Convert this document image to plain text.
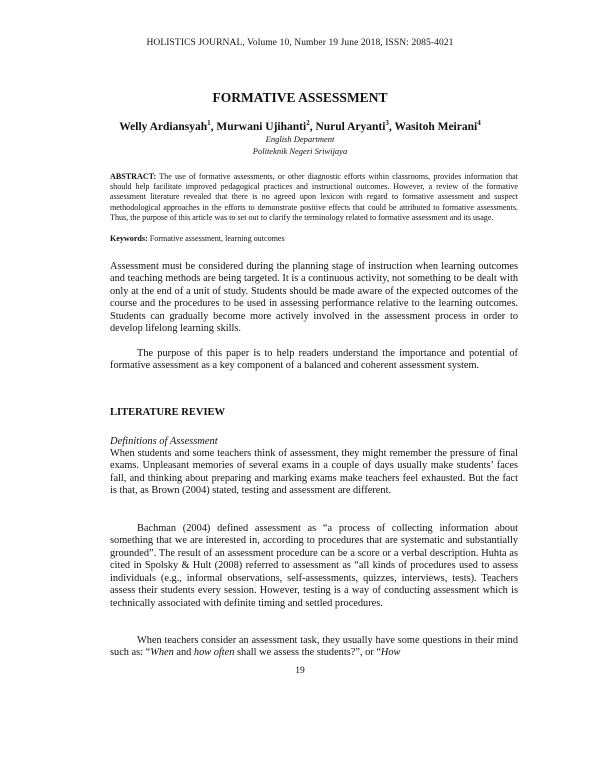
HOLISTICS JOURNAL, Volume 10, Number 19 June 2018, ISSN: 2085-4021
FORMATIVE ASSESSMENT
Welly Ardiansyah$^1$, Murwani Ujihanti$^2$, Nurul Aryanti$^3$, Wasitoh Meirani$^4$
English Department
Politeknik Negeri Sriwijaya
ABSTRACT: The use of formative assessments, or other diagnostic efforts within classrooms, provides information that should help facilitate improved pedagogical practices and instructional outcomes. However, a review of the formative assessment literature revealed that there is no agreed upon lexicon with regard to formative assessment and suspect methodological approaches in the efforts to demonstrate positive effects that could be attributed to formative assessments. Thus, the purpose of this article was to set out to clarify the terminology related to formative assessment and its usage.
Keywords: Formative assessment, learning outcomes
Assessment must be considered during the planning stage of instruction when learning outcomes and teaching methods are being targeted. It is a continuous activity, not something to be dealt with only at the end of a unit of study. Students should be made aware of the expected outcomes of the course and the procedures to be used in assessing performance relative to the learning outcomes. Students can gradually become more actively involved in the assessment process in order to develop lifelong learning skills.
The purpose of this paper is to help readers understand the importance and potential of formative assessment as a key component of a balanced and coherent assessment system.
LITERATURE REVIEW
Definitions of Assessment
When students and some teachers think of assessment, they might remember the pressure of final exams. Unpleasant memories of several exams in a couple of days usually make students’ faces fall, and thinking about preparing and marking exams make teachers feel exhausted. But the fact is that, as Brown (2004) stated, testing and assessment are different.
Bachman (2004) defined assessment as “a process of collecting information about something that we are interested in, according to procedures that are systematic and substantially grounded”. The result of an assessment procedure can be a score or a verbal description. Huhta as cited in Spolsky & Hult (2008) referred to assessment as “all kinds of procedures used to assess individuals (e.g., informal observations, self-assessments, quizzes, interviews, tests). Teachers assess their students every session. However, testing is a way of conducting assessment which is technically associated with definite timing and settled procedures.
When teachers consider an assessment task, they usually have some questions in their mind such as: “When and how often shall we assess the students?”, or “How
19
